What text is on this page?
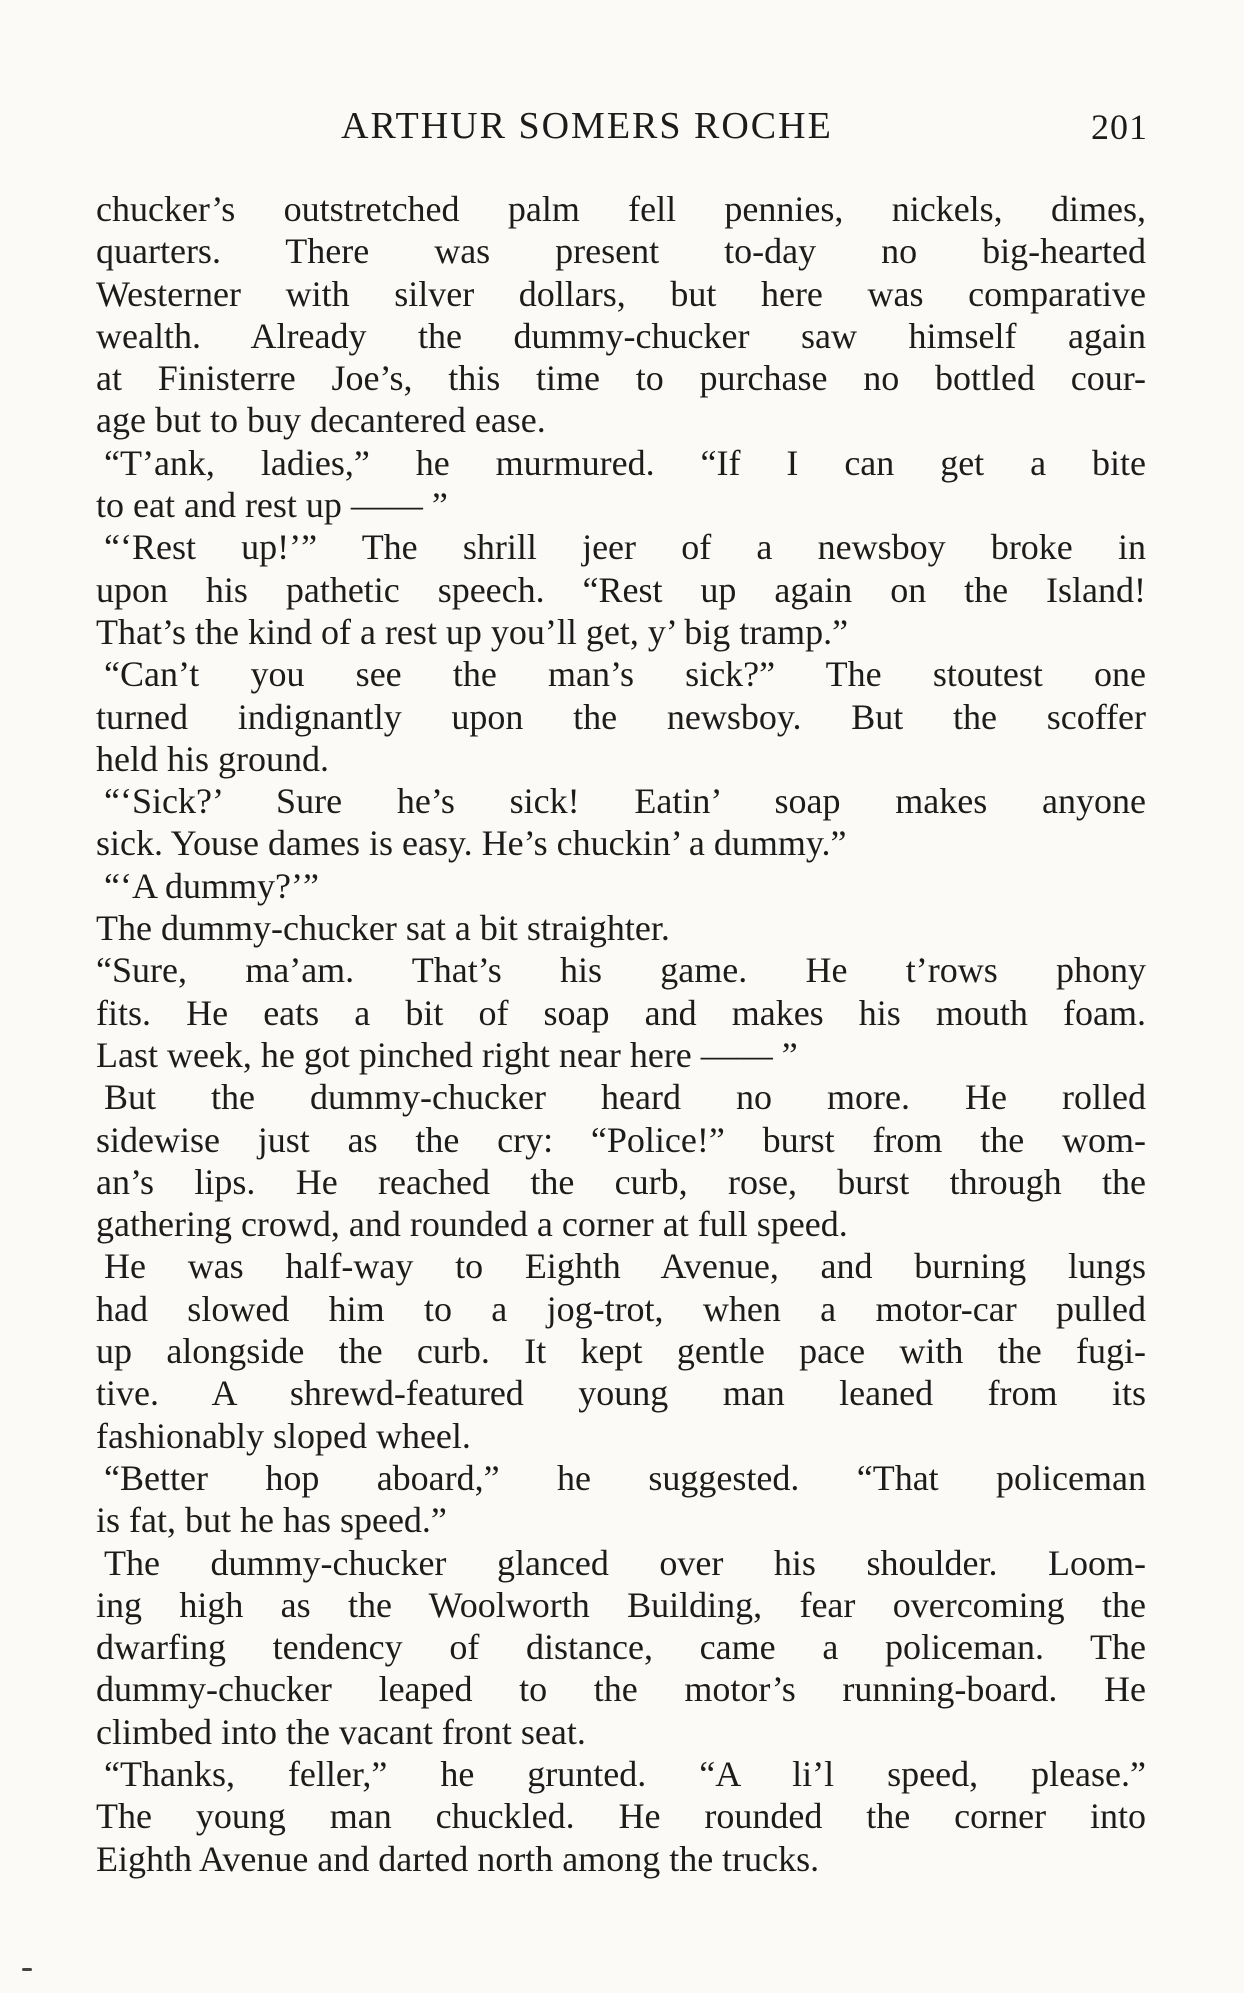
ARTHUR SOMERS ROCHE	201
chucker’s outstretched palm fell pennies, nickels, dimes,
quarters. There was present to-day no big-hearted
Westerner with silver dollars, but here was comparative
wealth. Already the dummy-chucker saw himself again
at Finisterre Joe’s, this time to purchase no bottled cour-
age but to buy decantered ease.
“T’ank, ladies,” he murmured. “If I can get a bite
to eat and rest up —— ”
“‘Rest up!’” The shrill jeer of a newsboy broke in
upon his pathetic speech. “Rest up again on the Island!
That’s the kind of a rest up you’ll get, y’ big tramp.”
“Can’t you see the man’s sick?” The stoutest one
turned indignantly upon the newsboy. But the scoffer
held his ground.
“‘Sick?’ Sure he’s sick! Eatin’ soap makes anyone
sick. Youse dames is easy. He’s chuckin’ a dummy.”
“‘A dummy?’”
The dummy-chucker sat a bit straighter.
“Sure, ma’am. That’s his game. He t’rows phony
fits. He eats a bit of soap and makes his mouth foam.
Last week, he got pinched right near here —— ”
But the dummy-chucker heard no more. He rolled
sidewise just as the cry: “Police!” burst from the wom-
an’s lips. He reached the curb, rose, burst through the
gathering crowd, and rounded a corner at full speed.
He was half-way to Eighth Avenue, and burning lungs
had slowed him to a jog-trot, when a motor-car pulled
up alongside the curb. It kept gentle pace with the fugi-
tive. A shrewd-featured young man leaned from its
fashionably sloped wheel.
“Better hop aboard,” he suggested. “That policeman
is fat, but he has speed.”
The dummy-chucker glanced over his shoulder. Loom-
ing high as the Woolworth Building, fear overcoming the
dwarfing tendency of distance, came a policeman. The
dummy-chucker leaped to the motor’s running-board. He
climbed into the vacant front seat.
“Thanks, feller,” he grunted. “A li’l speed, please.”
The young man chuckled. He rounded the corner into
Eighth Avenue and darted north among the trucks.
